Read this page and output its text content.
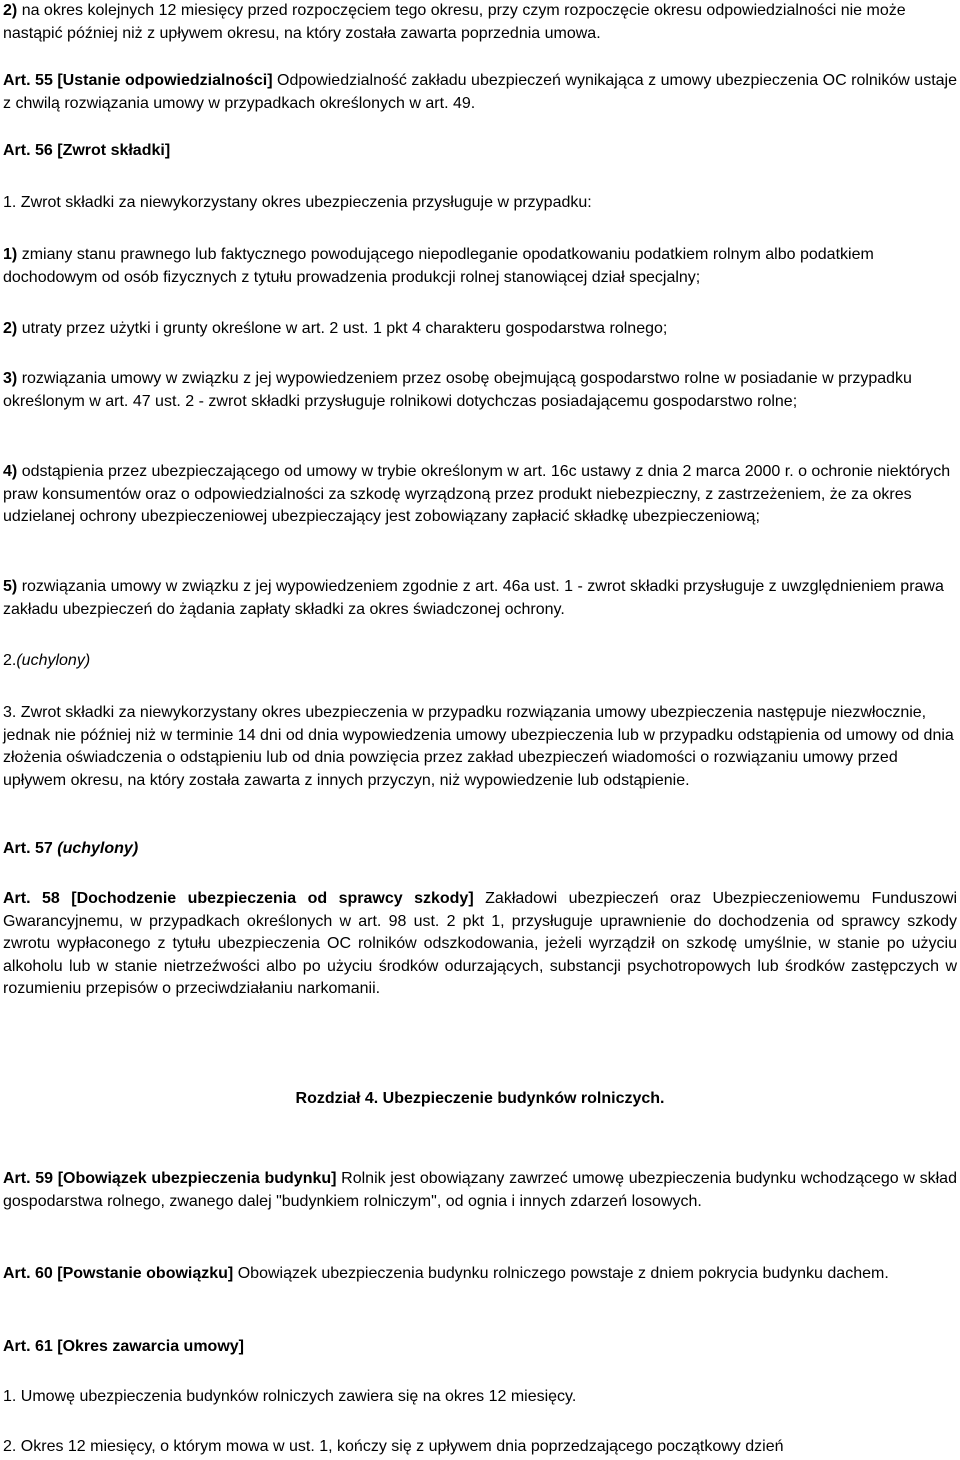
2) na okres kolejnych 12 miesięcy przed rozpoczęciem tego okresu, przy czym rozpoczęcie okresu odpowiedzialności nie może nastąpić później niż z upływem okresu, na który została zawarta poprzednia umowa.

Art. 55 [Ustanie odpowiedzialności] Odpowiedzialność zakładu ubezpieczeń wynikająca z umowy ubezpieczenia OC rolników ustaje z chwilą rozwiązania umowy w przypadkach określonych w art. 49.

Art. 56 [Zwrot składki]

1. Zwrot składki za niewykorzystany okres ubezpieczenia przysługuje w przypadku:

1) zmiany stanu prawnego lub faktycznego powodującego niepodleganie opodatkowaniu podatkiem rolnym albo podatkiem dochodowym od osób fizycznych z tytułu prowadzenia produkcji rolnej stanowiącej dział specjalny;

2) utraty przez użytki i grunty określone w art. 2 ust. 1 pkt 4 charakteru gospodarstwa rolnego;

3) rozwiązania umowy w związku z jej wypowiedzeniem przez osobę obejmującą gospodarstwo rolne w posiadanie w przypadku określonym w art. 47 ust. 2 - zwrot składki przysługuje rolnikowi dotychczas posiadającemu gospodarstwo rolne;

4) odstąpienia przez ubezpieczającego od umowy w trybie określonym w art. 16c ustawy z dnia 2 marca 2000 r. o ochronie niektórych praw konsumentów oraz o odpowiedzialności za szkodę wyrządzoną przez produkt niebezpieczny, z zastrzeżeniem, że za okres udzielanej ochrony ubezpieczeniowej ubezpieczający jest zobowiązany zapłacić składkę ubezpieczeniową;

5) rozwiązania umowy w związku z jej wypowiedzeniem zgodnie z art. 46a ust. 1 - zwrot składki przysługuje z uwzględnieniem prawa zakładu ubezpieczeń do żądania zapłaty składki za okres świadczonej ochrony.

2.(uchylony)

3. Zwrot składki za niewykorzystany okres ubezpieczenia w przypadku rozwiązania umowy ubezpieczenia następuje niezwłocznie, jednak nie później niż w terminie 14 dni od dnia wypowiedzenia umowy ubezpieczenia lub w przypadku odstąpienia od umowy od dnia złożenia oświadczenia o odstąpieniu lub od dnia powzięcia przez zakład ubezpieczeń wiadomości o rozwiązaniu umowy przed upływem okresu, na który została zawarta z innych przyczyn, niż wypowiedzenie lub odstąpienie.

Art. 57 (uchylony)

Art. 58 [Dochodzenie ubezpieczenia od sprawcy szkody] Zakładowi ubezpieczeń oraz Ubezpieczeniowemu Funduszowi Gwarancyjnemu, w przypadkach określonych w art. 98 ust. 2 pkt 1, przysługuje uprawnienie do dochodzenia od sprawcy szkody zwrotu wypłaconego z tytułu ubezpieczenia OC rolników odszkodowania, jeżeli wyrządził on szkodę umyślnie, w stanie po użyciu alkoholu lub w stanie nietrzeźwości albo po użyciu środków odurzających, substancji psychotropowych lub środków zastępczych w rozumieniu przepisów o przeciwdziałaniu narkomanii.

Rozdział 4. Ubezpieczenie budynków rolniczych.

Art. 59 [Obowiązek ubezpieczenia budynku] Rolnik jest obowiązany zawrzeć umowę ubezpieczenia budynku wchodzącego w skład gospodarstwa rolnego, zwanego dalej "budynkiem rolniczym", od ognia i innych zdarzeń losowych.

Art. 60 [Powstanie obowiązku] Obowiązek ubezpieczenia budynku rolniczego powstaje z dniem pokrycia budynku dachem.

Art. 61 [Okres zawarcia umowy]

1. Umowę ubezpieczenia budynków rolniczych zawiera się na okres 12 miesięcy.

2. Okres 12 miesięcy, o którym mowa w ust. 1, kończy się z upływem dnia poprzedzającego początkowy dzień
